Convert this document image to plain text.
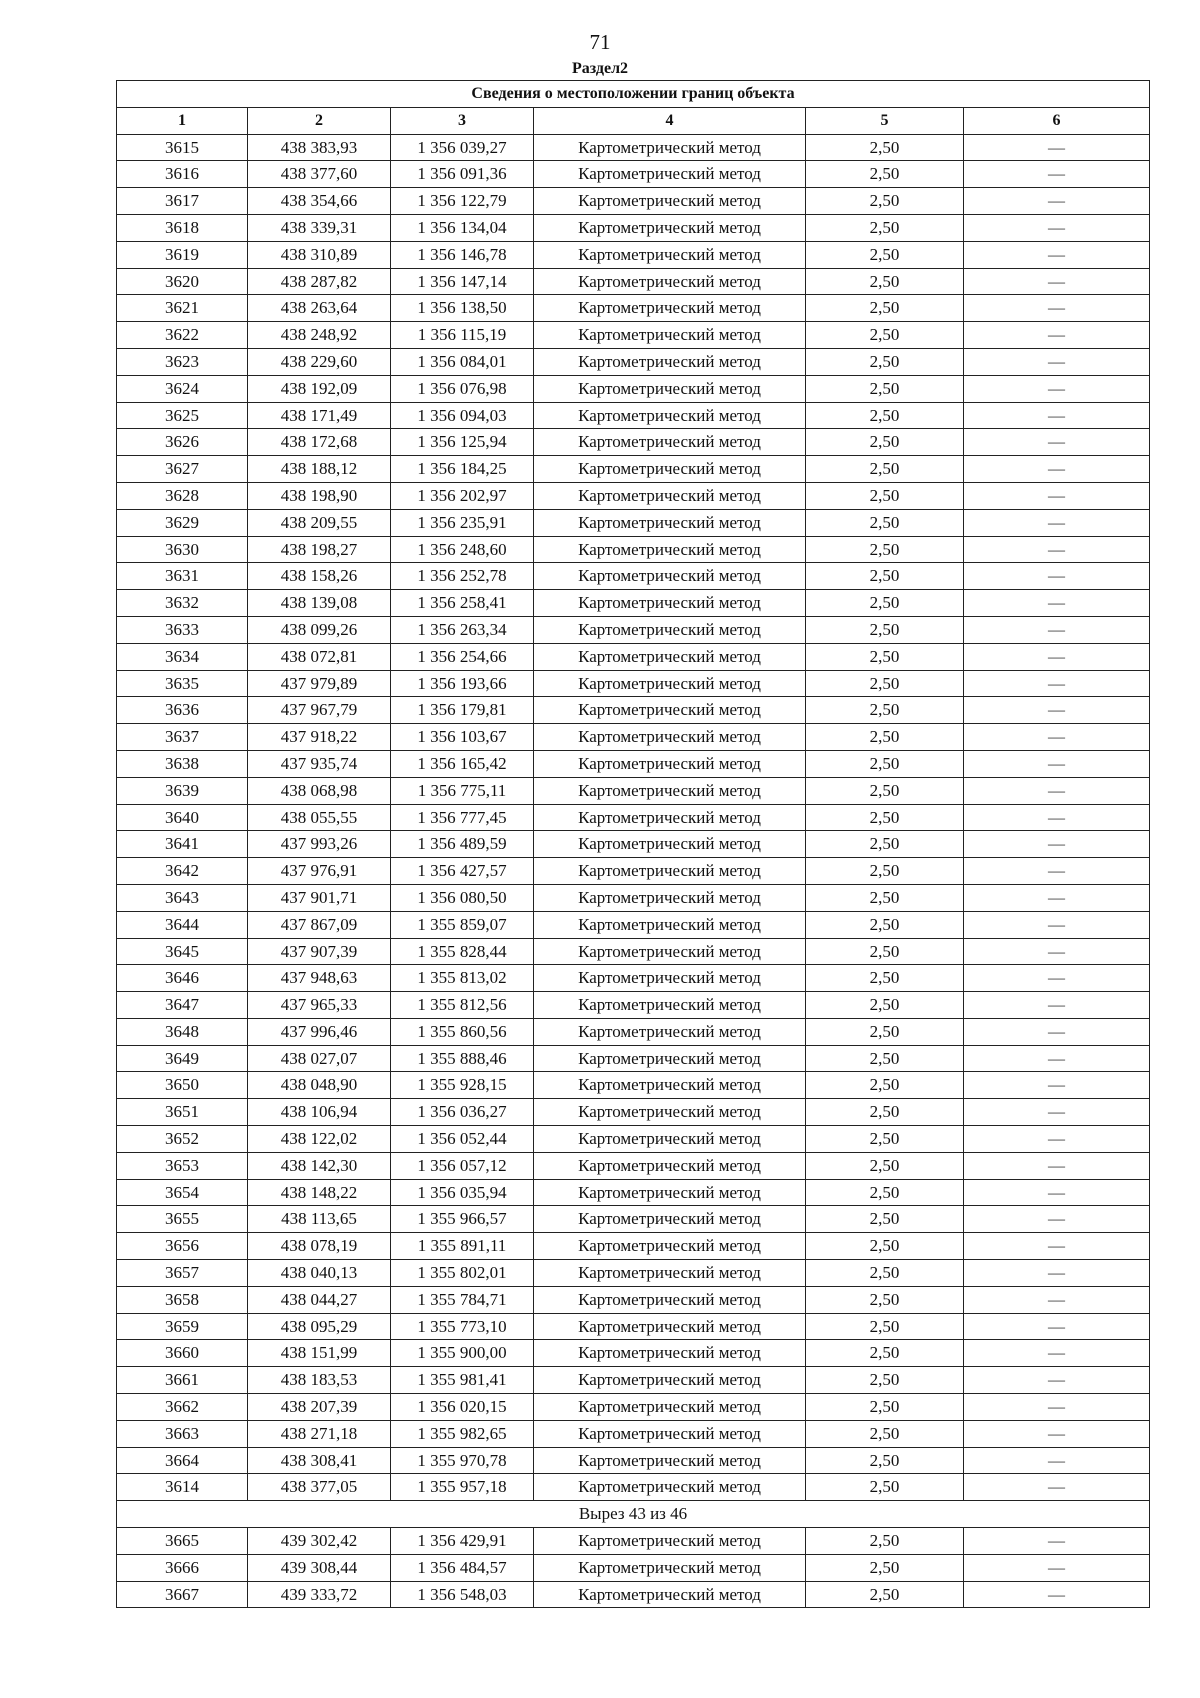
71
Раздел2
Сведения о местоположении границ объекта					
1	2	3	4	5	6
3615	438 383,93	1 356 039,27	Картометрический метод	2,50	—
3616	438 377,60	1 356 091,36	Картометрический метод	2,50	—
3617	438 354,66	1 356 122,79	Картометрический метод	2,50	—
3618	438 339,31	1 356 134,04	Картометрический метод	2,50	—
3619	438 310,89	1 356 146,78	Картометрический метод	2,50	—
3620	438 287,82	1 356 147,14	Картометрический метод	2,50	—
3621	438 263,64	1 356 138,50	Картометрический метод	2,50	—
3622	438 248,92	1 356 115,19	Картометрический метод	2,50	—
3623	438 229,60	1 356 084,01	Картометрический метод	2,50	—
3624	438 192,09	1 356 076,98	Картометрический метод	2,50	—
3625	438 171,49	1 356 094,03	Картометрический метод	2,50	—
3626	438 172,68	1 356 125,94	Картометрический метод	2,50	—
3627	438 188,12	1 356 184,25	Картометрический метод	2,50	—
3628	438 198,90	1 356 202,97	Картометрический метод	2,50	—
3629	438 209,55	1 356 235,91	Картометрический метод	2,50	—
3630	438 198,27	1 356 248,60	Картометрический метод	2,50	—
3631	438 158,26	1 356 252,78	Картометрический метод	2,50	—
3632	438 139,08	1 356 258,41	Картометрический метод	2,50	—
3633	438 099,26	1 356 263,34	Картометрический метод	2,50	—
3634	438 072,81	1 356 254,66	Картометрический метод	2,50	—
3635	437 979,89	1 356 193,66	Картометрический метод	2,50	—
3636	437 967,79	1 356 179,81	Картометрический метод	2,50	—
3637	437 918,22	1 356 103,67	Картометрический метод	2,50	—
3638	437 935,74	1 356 165,42	Картометрический метод	2,50	—
3639	438 068,98	1 356 775,11	Картометрический метод	2,50	—
3640	438 055,55	1 356 777,45	Картометрический метод	2,50	—
3641	437 993,26	1 356 489,59	Картометрический метод	2,50	—
3642	437 976,91	1 356 427,57	Картометрический метод	2,50	—
3643	437 901,71	1 356 080,50	Картометрический метод	2,50	—
3644	437 867,09	1 355 859,07	Картометрический метод	2,50	—
3645	437 907,39	1 355 828,44	Картометрический метод	2,50	—
3646	437 948,63	1 355 813,02	Картометрический метод	2,50	—
3647	437 965,33	1 355 812,56	Картометрический метод	2,50	—
3648	437 996,46	1 355 860,56	Картометрический метод	2,50	—
3649	438 027,07	1 355 888,46	Картометрический метод	2,50	—
3650	438 048,90	1 355 928,15	Картометрический метод	2,50	—
3651	438 106,94	1 356 036,27	Картометрический метод	2,50	—
3652	438 122,02	1 356 052,44	Картометрический метод	2,50	—
3653	438 142,30	1 356 057,12	Картометрический метод	2,50	—
3654	438 148,22	1 356 035,94	Картометрический метод	2,50	—
3655	438 113,65	1 355 966,57	Картометрический метод	2,50	—
3656	438 078,19	1 355 891,11	Картометрический метод	2,50	—
3657	438 040,13	1 355 802,01	Картометрический метод	2,50	—
3658	438 044,27	1 355 784,71	Картометрический метод	2,50	—
3659	438 095,29	1 355 773,10	Картометрический метод	2,50	—
3660	438 151,99	1 355 900,00	Картометрический метод	2,50	—
3661	438 183,53	1 355 981,41	Картометрический метод	2,50	—
3662	438 207,39	1 356 020,15	Картометрический метод	2,50	—
3663	438 271,18	1 355 982,65	Картометрический метод	2,50	—
3664	438 308,41	1 355 970,78	Картометрический метод	2,50	—
3614	438 377,05	1 355 957,18	Картометрический метод	2,50	—
Вырез 43 из 46					
3665	439 302,42	1 356 429,91	Картометрический метод	2,50	—
3666	439 308,44	1 356 484,57	Картометрический метод	2,50	—
3667	439 333,72	1 356 548,03	Картометрический метод	2,50	—
